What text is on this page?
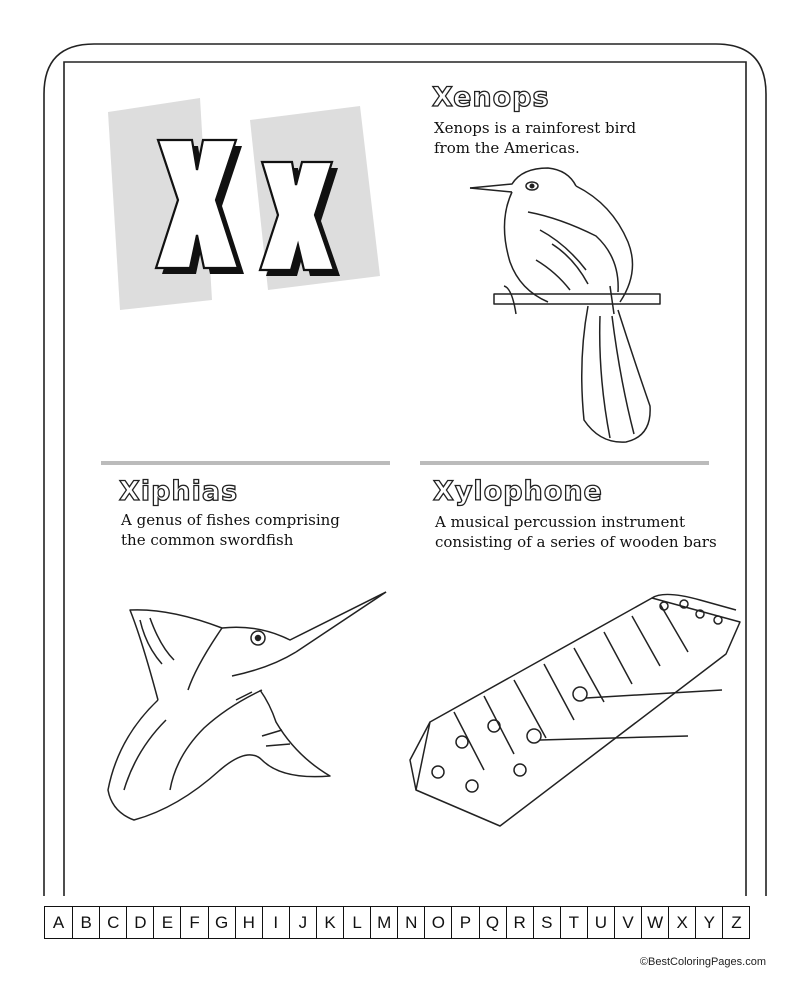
Xenops
Xenops is a rainforest bird
from the Americas.
Xiphias
A genus of fishes comprising
the common swordfish
Xylophone
A musical percussion instrument
consisting of a series of wooden bars
A B C D E F G H	I	J	K L M N O P Q R S T U V W X Y Z
©BestColoringPages.com
